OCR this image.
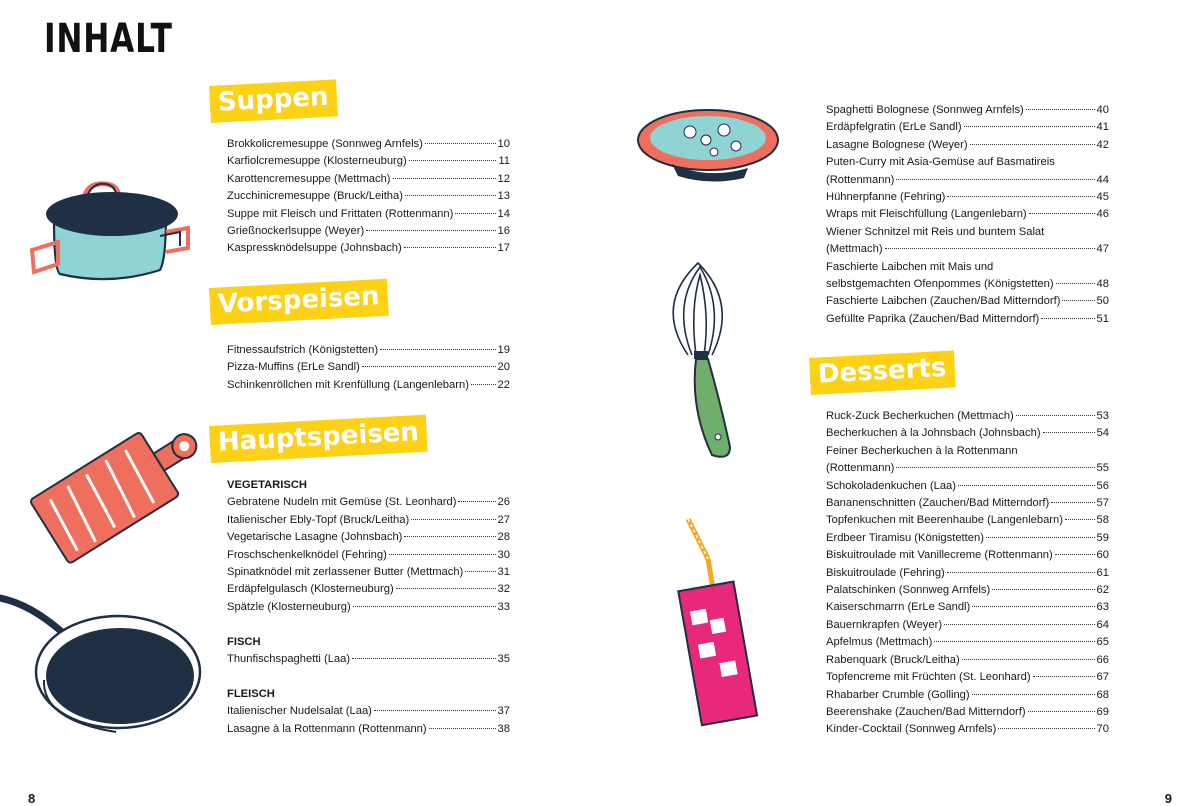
INHALT
8	9
Suppen
Vorspeisen
Hauptspeisen
Desserts
Brokkolicremesuppe (Sonnweg Arnfels)	10
Karfiolcremesuppe (Klosterneuburg)	11
Karottencremesuppe (Mettmach)	12
Zucchinicremesuppe (Bruck/Leitha)	13
Suppe mit Fleisch und Frittaten (Rottenmann)	14
Grießnockerlsuppe (Weyer)	16
Kaspressknödelsuppe (Johnsbach)	17
Fitnessaufstrich (Königstetten)	19
Pizza-Muffins (ErLe Sandl)	20
Schinkenröllchen mit Krenfüllung (Langenlebarn)	22
VEGETARISCH
Gebratene Nudeln mit Gemüse (St. Leonhard)	26
Italienischer Ebly-Topf (Bruck/Leitha)	27
Vegetarische Lasagne (Johnsbach)	28
Froschschenkelknödel (Fehring)	30
Spinatknödel mit zerlassener Butter (Mettmach)	31
Erdäpfelgulasch (Klosterneuburg)	32
Spätzle (Klosterneuburg)	33
FISCH
Thunfischspaghetti (Laa)	35
FLEISCH
Italienischer Nudelsalat (Laa)	37
Lasagne à la Rottenmann (Rottenmann)	38
Spaghetti Bolognese (Sonnweg Arnfels)	40
Erdäpfelgratin (ErLe Sandl)	41
Lasagne Bolognese (Weyer)	42
Puten-Curry mit Asia-Gemüse auf Basmatireis
(Rottenmann)	44
Hühnerpfanne (Fehring)	45
Wraps mit Fleischfüllung (Langenlebarn)	46
Wiener Schnitzel mit Reis und buntem Salat
(Mettmach)	47
Faschierte Laibchen mit Mais und
selbstgemachten Ofenpommes (Königstetten)	48
Faschierte Laibchen (Zauchen/Bad Mitterndorf)	50
Gefüllte Paprika (Zauchen/Bad Mitterndorf)	51
Ruck-Zuck Becherkuchen (Mettmach)	53
Becherkuchen à la Johnsbach (Johnsbach)	54
Feiner Becherkuchen à la Rottenmann
(Rottenmann)	55
Schokoladenkuchen (Laa)	56
Bananenschnitten (Zauchen/Bad Mitterndorf)	57
Topfenkuchen mit Beerenhaube (Langenlebarn)	58
Erdbeer Tiramisu (Königstetten)	59
Biskuitroulade mit Vanillecreme (Rottenmann)	60
Biskuitroulade (Fehring)	61
Palatschinken (Sonnweg Arnfels)	62
Kaiserschmarrn (ErLe Sandl)	63
Bauernkrapfen (Weyer)	64
Apfelmus (Mettmach)	65
Rabenquark (Bruck/Leitha)	66
Topfencreme mit Früchten (St. Leonhard)	67
Rhabarber Crumble (Golling)	68
Beerenshake (Zauchen/Bad Mitterndorf)	69
Kinder-Cocktail (Sonnweg Arnfels)	70
